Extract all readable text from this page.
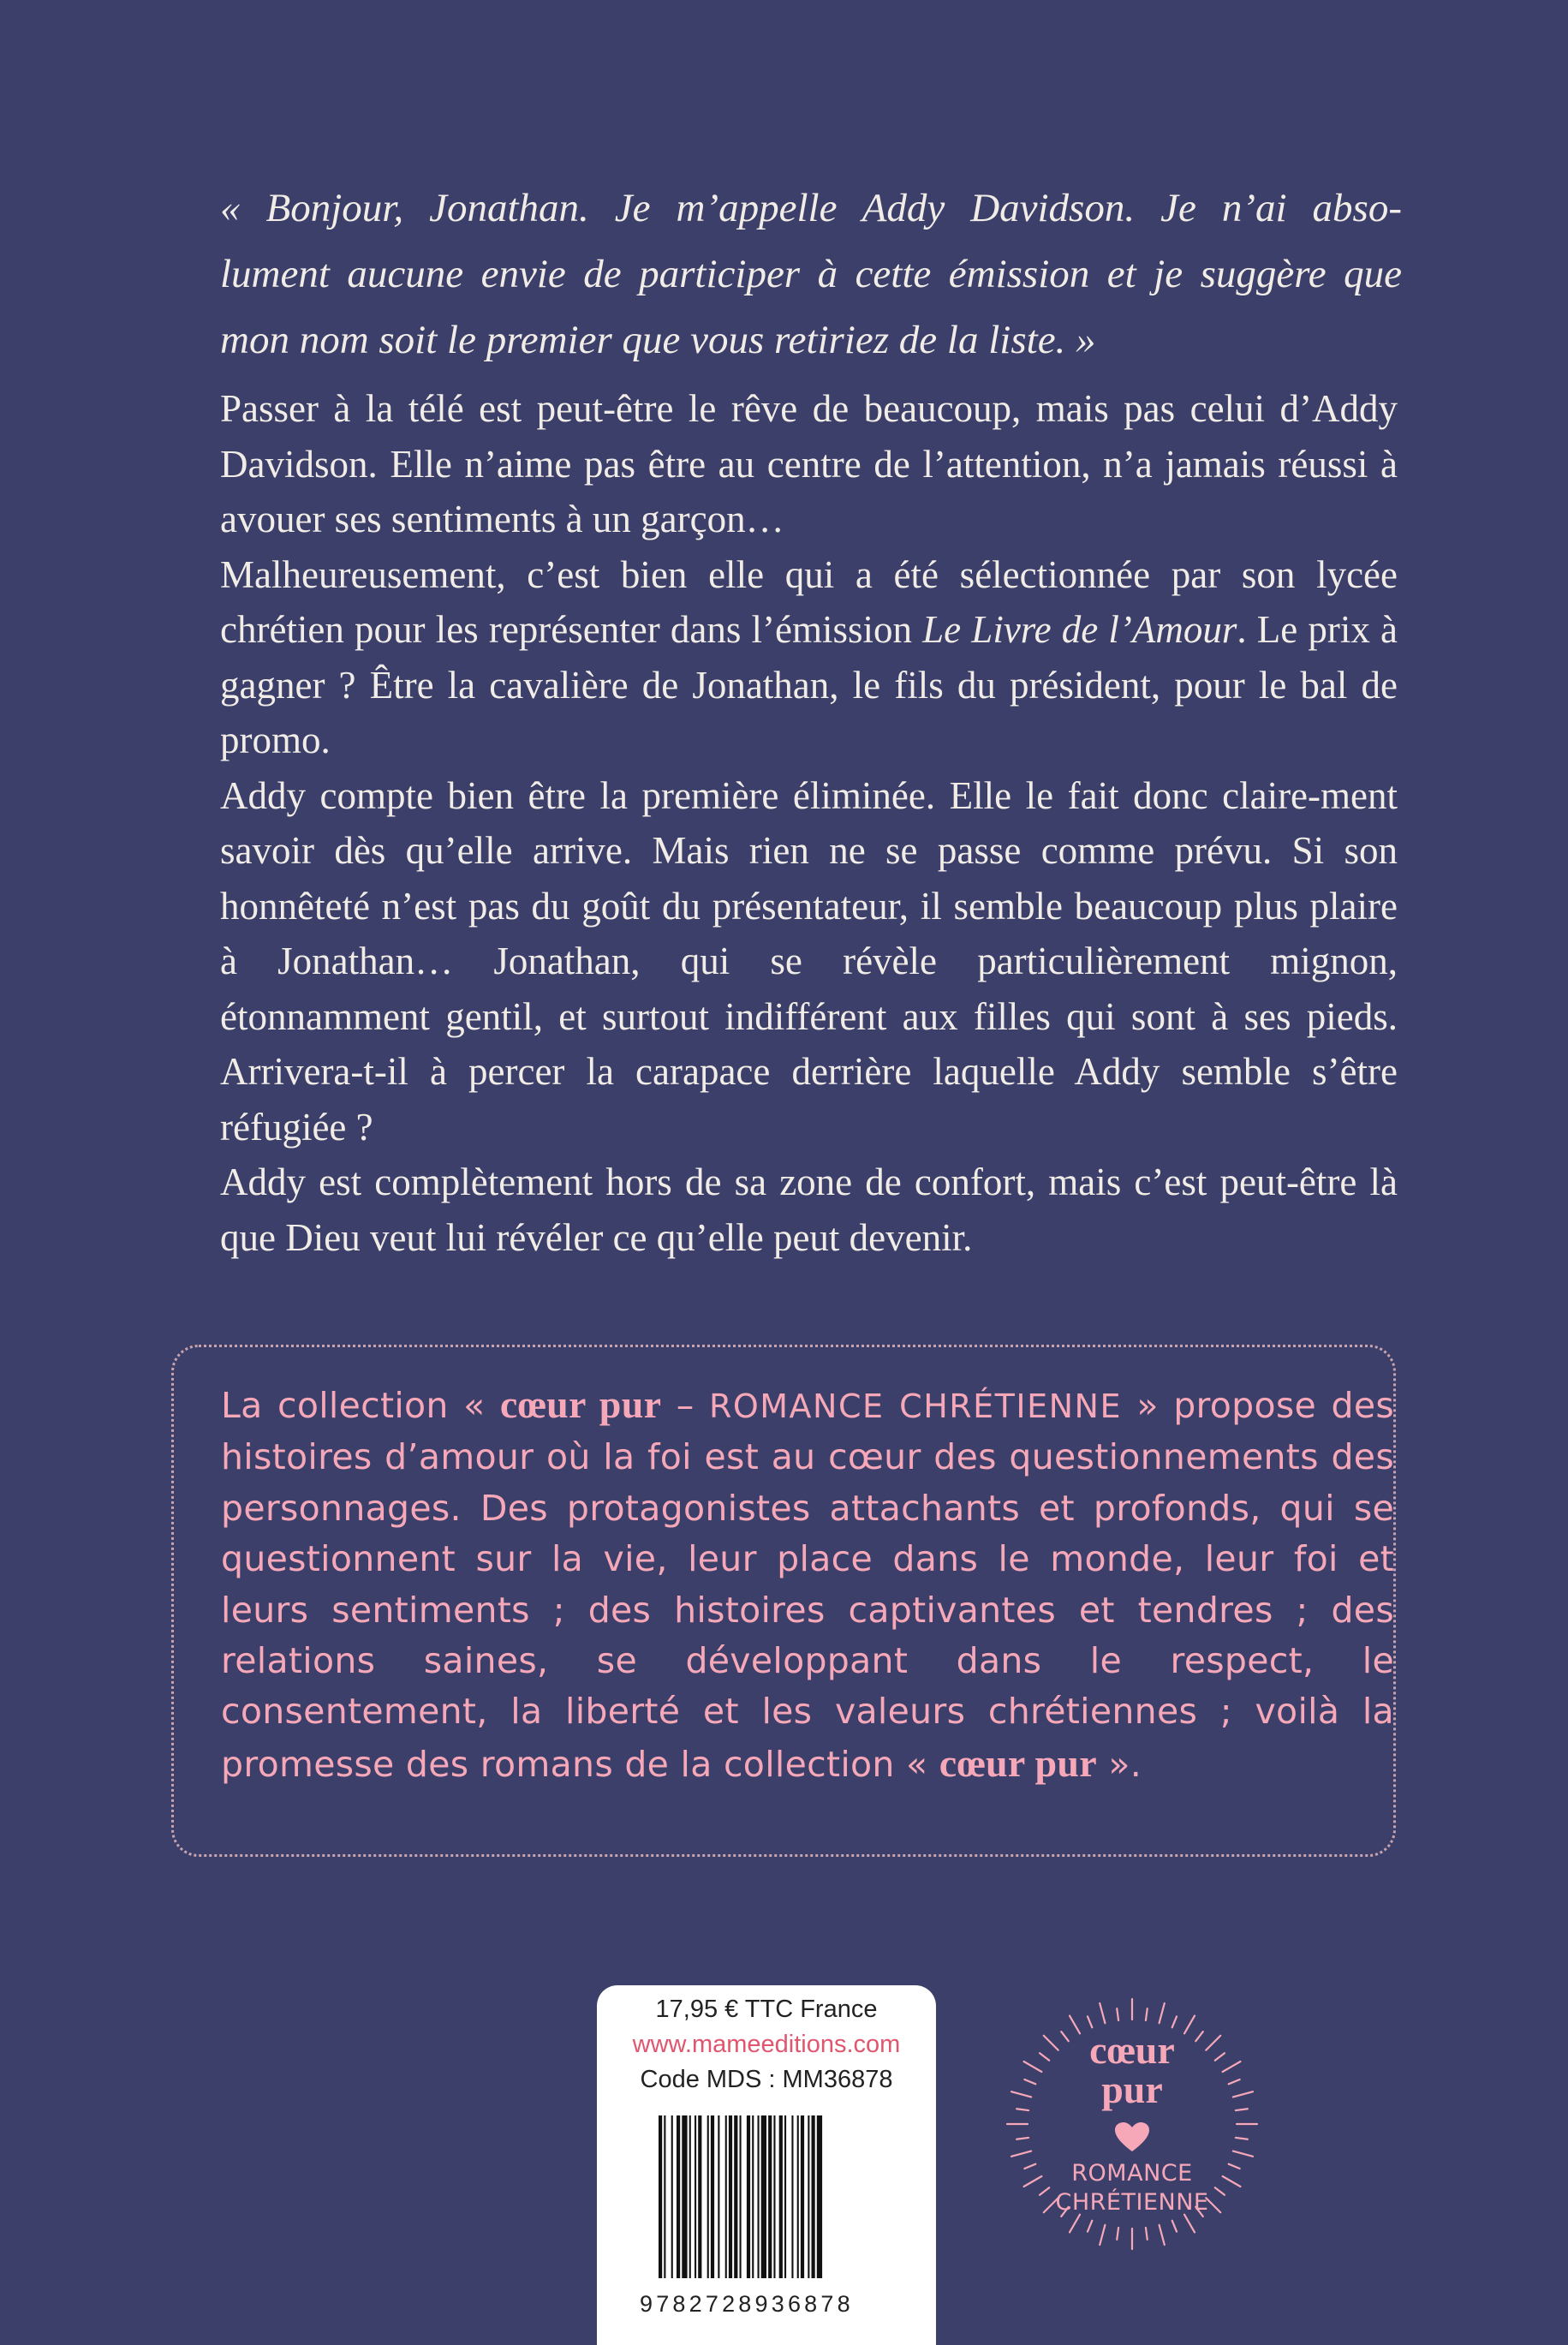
« Bonjour, Jonathan. Je m’appelle Addy Davidson. Je n’ai abso-
lument aucune envie de participer à cette émission et je suggère que
mon nom soit le premier que vous retiriez de la liste. »

Passer à la télé est peut-être le rêve de beaucoup, mais pas celui d’Addy Davidson. Elle n’aime pas être au centre de l’attention, n’a jamais réussi à avouer ses sentiments à un garçon…

Malheureusement, c’est bien elle qui a été sélectionnée par son lycée chrétien pour les représenter dans l’émission Le Livre de l’Amour. Le prix à gagner ? Être la cavalière de Jonathan, le fils du président, pour le bal de promo.

Addy compte bien être la première éliminée. Elle le fait donc claire-ment savoir dès qu’elle arrive. Mais rien ne se passe comme prévu. Si son honnêteté n’est pas du goût du présentateur, il semble beaucoup plus plaire à Jonathan… Jonathan, qui se révèle particulièrement mignon, étonnamment gentil, et surtout indifférent aux filles qui sont à ses pieds. Arrivera-t-il à percer la carapace derrière laquelle Addy semble s’être réfugiée ?

Addy est complètement hors de sa zone de confort, mais c’est peut-être là que Dieu veut lui révéler ce qu’elle peut devenir.

La collection « cœur pur – ROMANCE CHRÉTIENNE » propose des histoires d’amour où la foi est au cœur des questionnements des personnages. Des protagonistes attachants et profonds, qui se questionnent sur la vie, leur place dans le monde, leur foi et leurs sentiments ; des histoires captivantes et tendres ; des relations saines, se développant dans le respect, le consentement, la liberté et les valeurs chrétiennes ; voilà la promesse des romans de la collection « cœur pur ».

17,95 € TTC France
www.mameeditions.com
Code MDS : MM36878
9782728936878
cœur
pur
ROMANCE
CHRÉTIENNE
